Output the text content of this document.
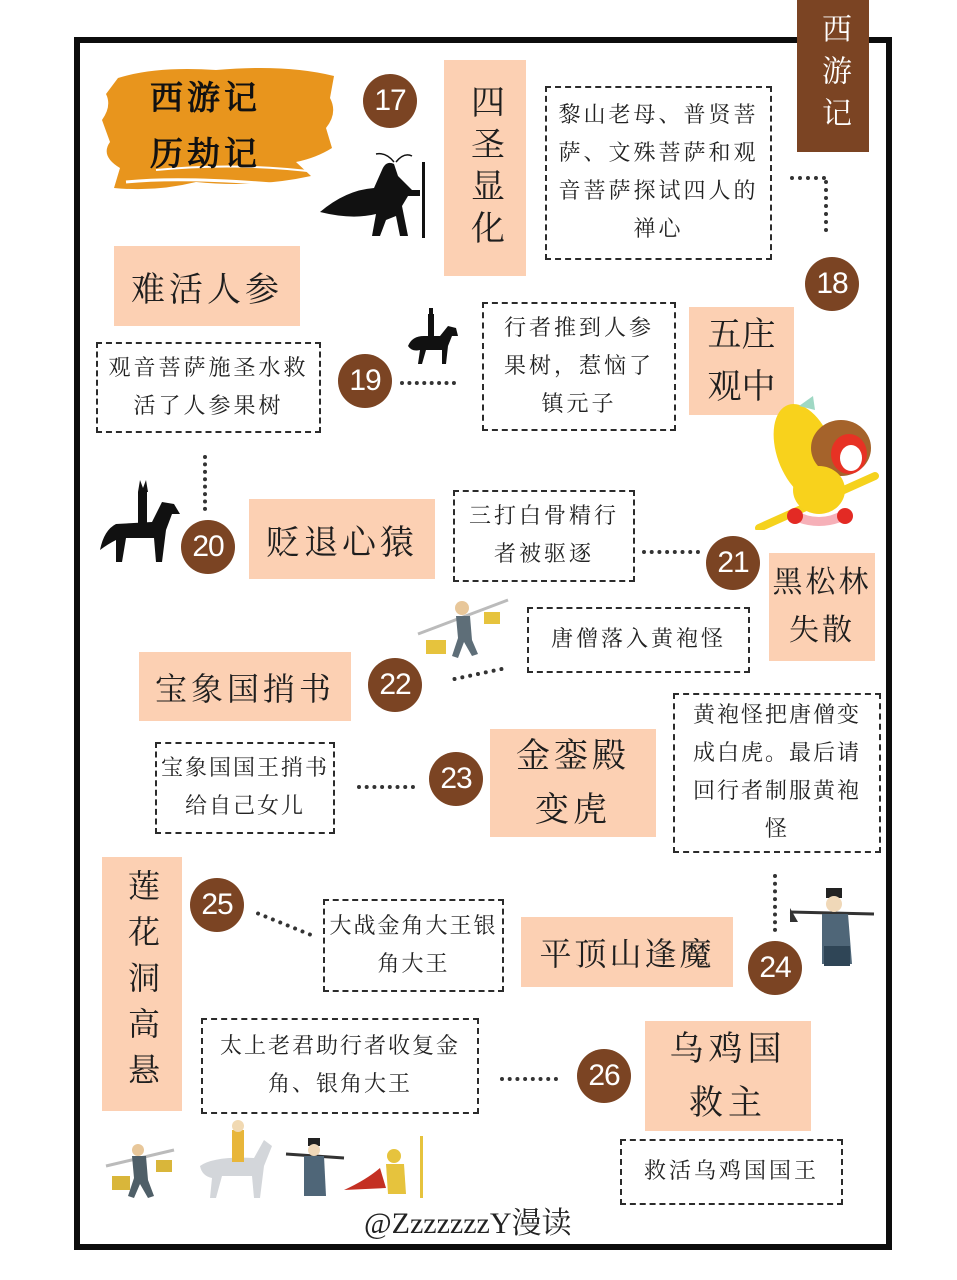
西游记
历劫记
西游记
17	四圣显化 黎山老母、普贤菩萨、文殊菩萨和观音菩萨探试四人的禅心
18
五庄
观中
行者推到人参果树，惹恼了镇元子
19
难活人参
观音菩萨施圣水救活了人参果树
20	贬退心猿
三打白骨精行者被驱逐	21
黑松林
失散
唐僧落入黄袍怪
22
宝象国捎书
宝象国国王捎书给自己女儿
23
金銮殿
变虎
黄袍怪把唐僧变成白虎。最后请回行者制服黄袍怪
24
平顶山逢魔
大战金角大王银角大王
25
莲花洞高悬	太上老君助行者收复金角、银角大王	26
乌鸡国
救主
救活乌鸡国国王
@ZzzzzzzY漫读
